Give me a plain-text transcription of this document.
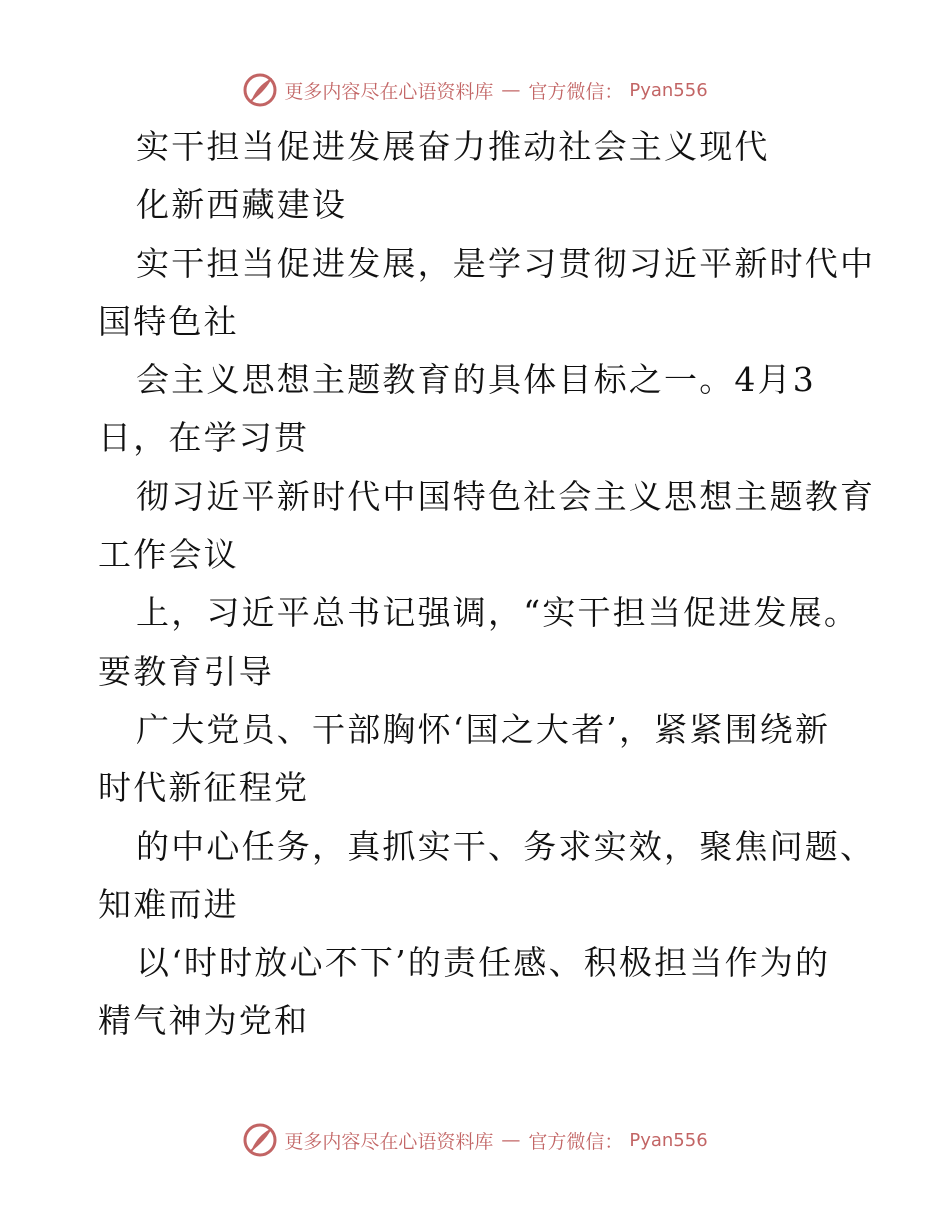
更多内容尽在心语资料库 — 官方微信： Pyan556
实干担当促进发展奋力推动社会主义现代
化新西藏建设
实干担当促进发展，是学习贯彻习近平新时代中
国特色社
会主义思想主题教育的具体目标之一。4月3
日，在学习贯
彻习近平新时代中国特色社会主义思想主题教育
工作会议
上，习近平总书记强调，“实干担当促进发展。
要教育引导
广大党员、干部胸怀‘国之大者’，紧紧围绕新
时代新征程党
的中心任务，真抓实干、务求实效，聚焦问题、
知难而进
以‘时时放心不下’的责任感、积极担当作为的
精气神为党和
更多内容尽在心语资料库 — 官方微信： Pyan556
